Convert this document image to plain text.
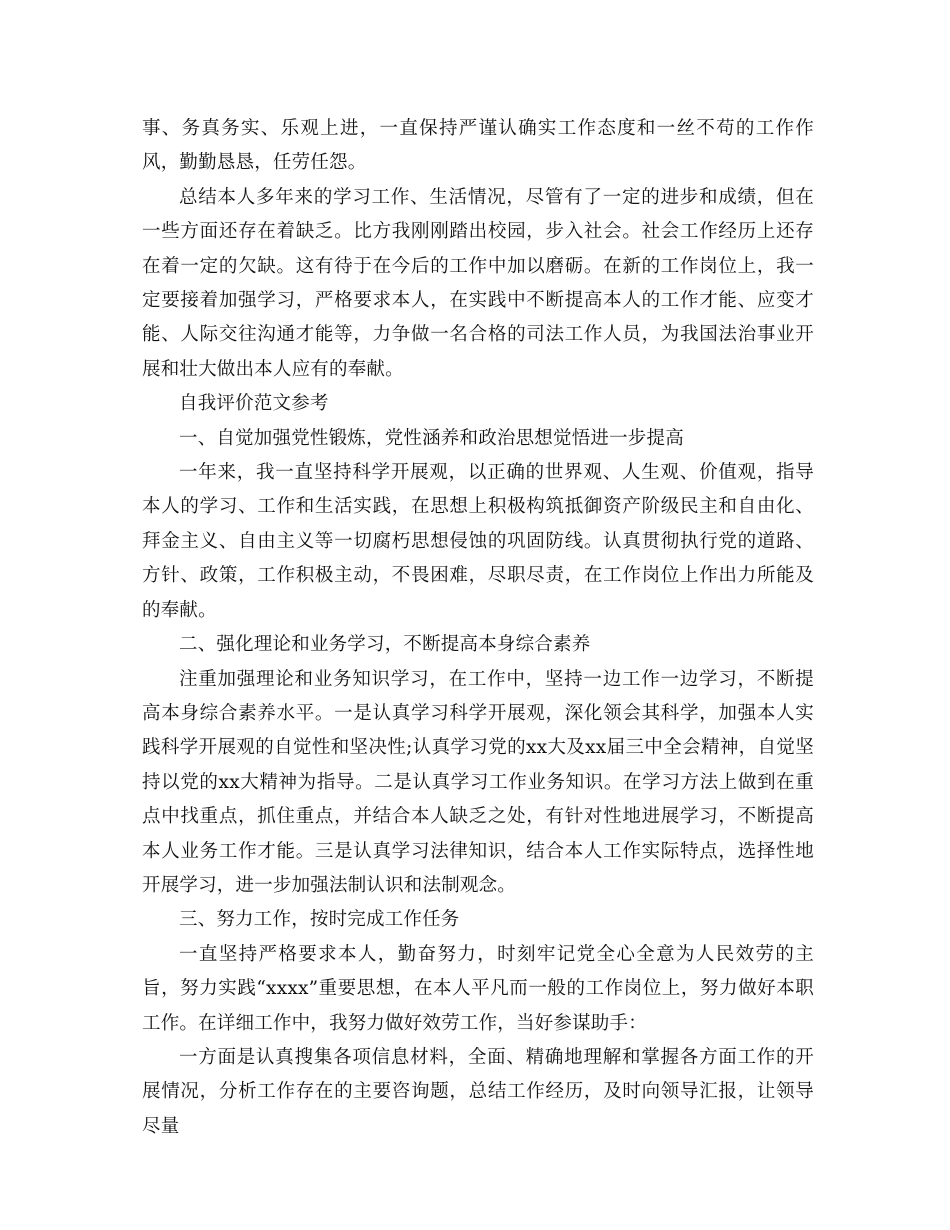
事、务真务实、乐观上进，一直保持严谨认确实工作态度和一丝不苟的工作作风，勤勤恳恳，任劳任怨。

总结本人多年来的学习工作、生活情况，尽管有了一定的进步和成绩，但在一些方面还存在着缺乏。比方我刚刚踏出校园，步入社会。社会工作经历上还存在着一定的欠缺。这有待于在今后的工作中加以磨砺。在新的工作岗位上，我一定要接着加强学习，严格要求本人，在实践中不断提高本人的工作才能、应变才能、人际交往沟通才能等，力争做一名合格的司法工作人员，为我国法治事业开展和壮大做出本人应有的奉献。

自我评价范文参考

一、自觉加强党性锻炼，党性涵养和政治思想觉悟进一步提高

一年来，我一直坚持科学开展观，以正确的世界观、人生观、价值观，指导本人的学习、工作和生活实践，在思想上积极构筑抵御资产阶级民主和自由化、拜金主义、自由主义等一切腐朽思想侵蚀的巩固防线。认真贯彻执行党的道路、方针、政策，工作积极主动，不畏困难，尽职尽责，在工作岗位上作出力所能及的奉献。

二、强化理论和业务学习，不断提高本身综合素养

注重加强理论和业务知识学习，在工作中，坚持一边工作一边学习，不断提高本身综合素养水平。一是认真学习科学开展观，深化领会其科学，加强本人实践科学开展观的自觉性和坚决性;认真学习党的xx大及xx届三中全会精神，自觉坚持以党的xx大精神为指导。二是认真学习工作业务知识。在学习方法上做到在重点中找重点，抓住重点，并结合本人缺乏之处，有针对性地进展学习，不断提高本人业务工作才能。三是认真学习法律知识，结合本人工作实际特点，选择性地开展学习，进一步加强法制认识和法制观念。

三、努力工作，按时完成工作任务

一直坚持严格要求本人，勤奋努力，时刻牢记党全心全意为人民效劳的主旨，努力实践“xxxx”重要思想，在本人平凡而一般的工作岗位上，努力做好本职工作。在详细工作中，我努力做好效劳工作，当好参谋助手：

一方面是认真搜集各项信息材料，全面、精确地理解和掌握各方面工作的开展情况，分析工作存在的主要咨询题，总结工作经历，及时向领导汇报，让领导尽量
